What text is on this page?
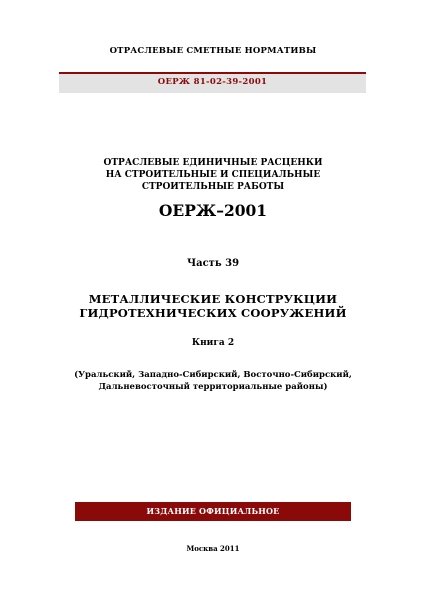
ОТРАСЛЕВЫЕ СМЕТНЫЕ НОРМАТИВЫ
ОЕРЖ 81-02-39-2001
ОТРАСЛЕВЫЕ ЕДИНИЧНЫЕ РАСЦЕНКИ
НА СТРОИТЕЛЬНЫЕ И СПЕЦИАЛЬНЫЕ
СТРОИТЕЛЬНЫЕ РАБОТЫ
ОЕРЖ–2001
Часть 39
МЕТАЛЛИЧЕСКИЕ КОНСТРУКЦИИ
ГИДРОТЕХНИЧЕСКИХ СООРУЖЕНИЙ
Книга 2
(Уральский, Западно-Сибирский, Восточно-Сибирский,
Дальневосточный территориальные районы)
ИЗДАНИЕ ОФИЦИАЛЬНОЕ
Москва 2011
